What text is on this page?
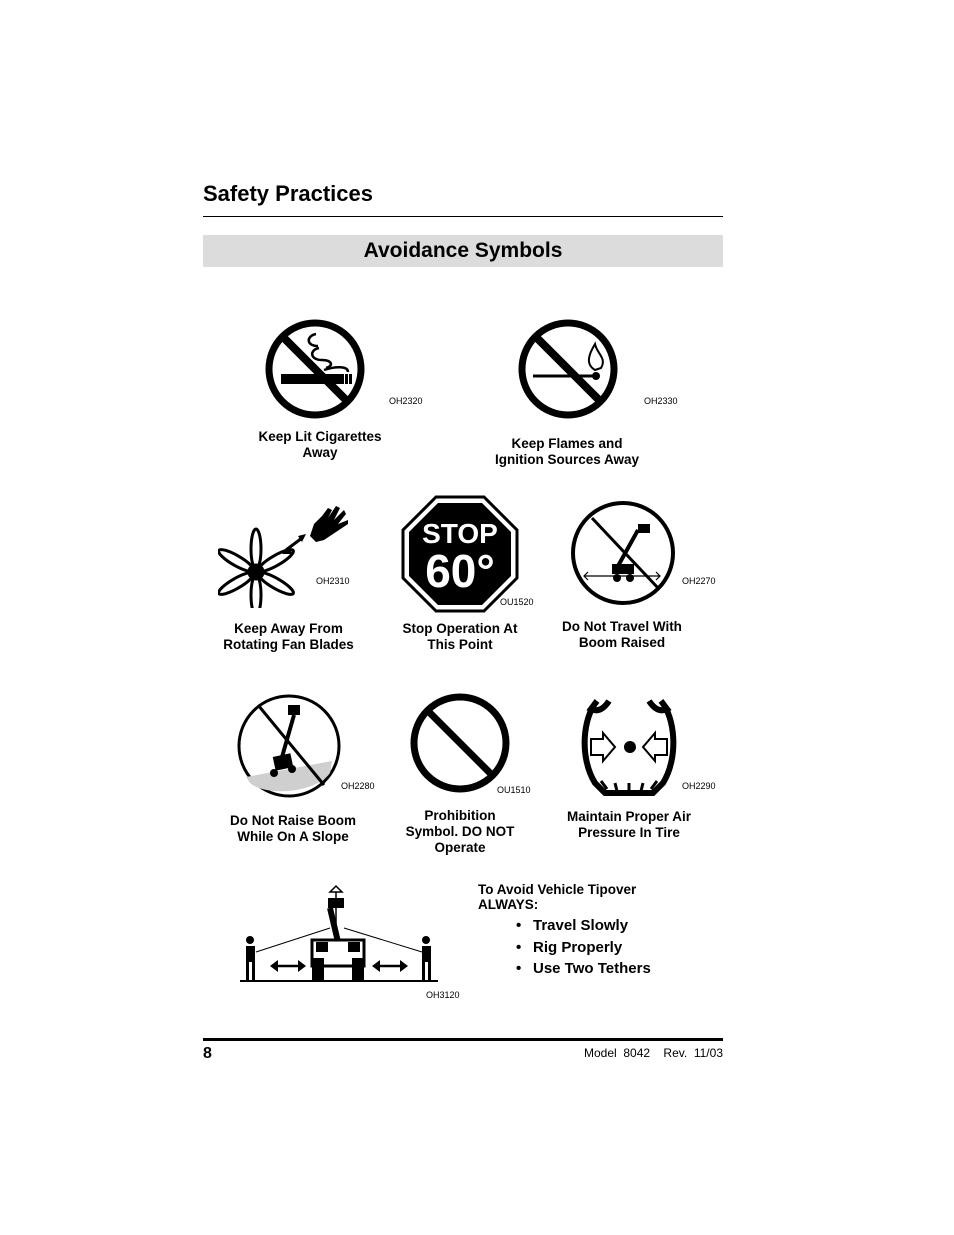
Safety Practices
Avoidance Symbols
OH2320
Keep Lit Cigarettes
Away
OH2330
Keep Flames and
Ignition Sources Away
OH2310
Keep Away From
Rotating Fan Blades
STOP
60°
OU1520
Stop Operation At
This Point
OH2270
Do Not Travel With
Boom Raised
OH2280
Do Not Raise Boom
While On A Slope
OU1510
Prohibition
Symbol. DO NOT
Operate
OH2290
Maintain Proper Air
Pressure In Tire
OH3120
To Avoid Vehicle Tipover
ALWAYS:
• Travel Slowly
• Rig Properly
• Use Two Tethers
8	Model  8042    Rev.  11/03
